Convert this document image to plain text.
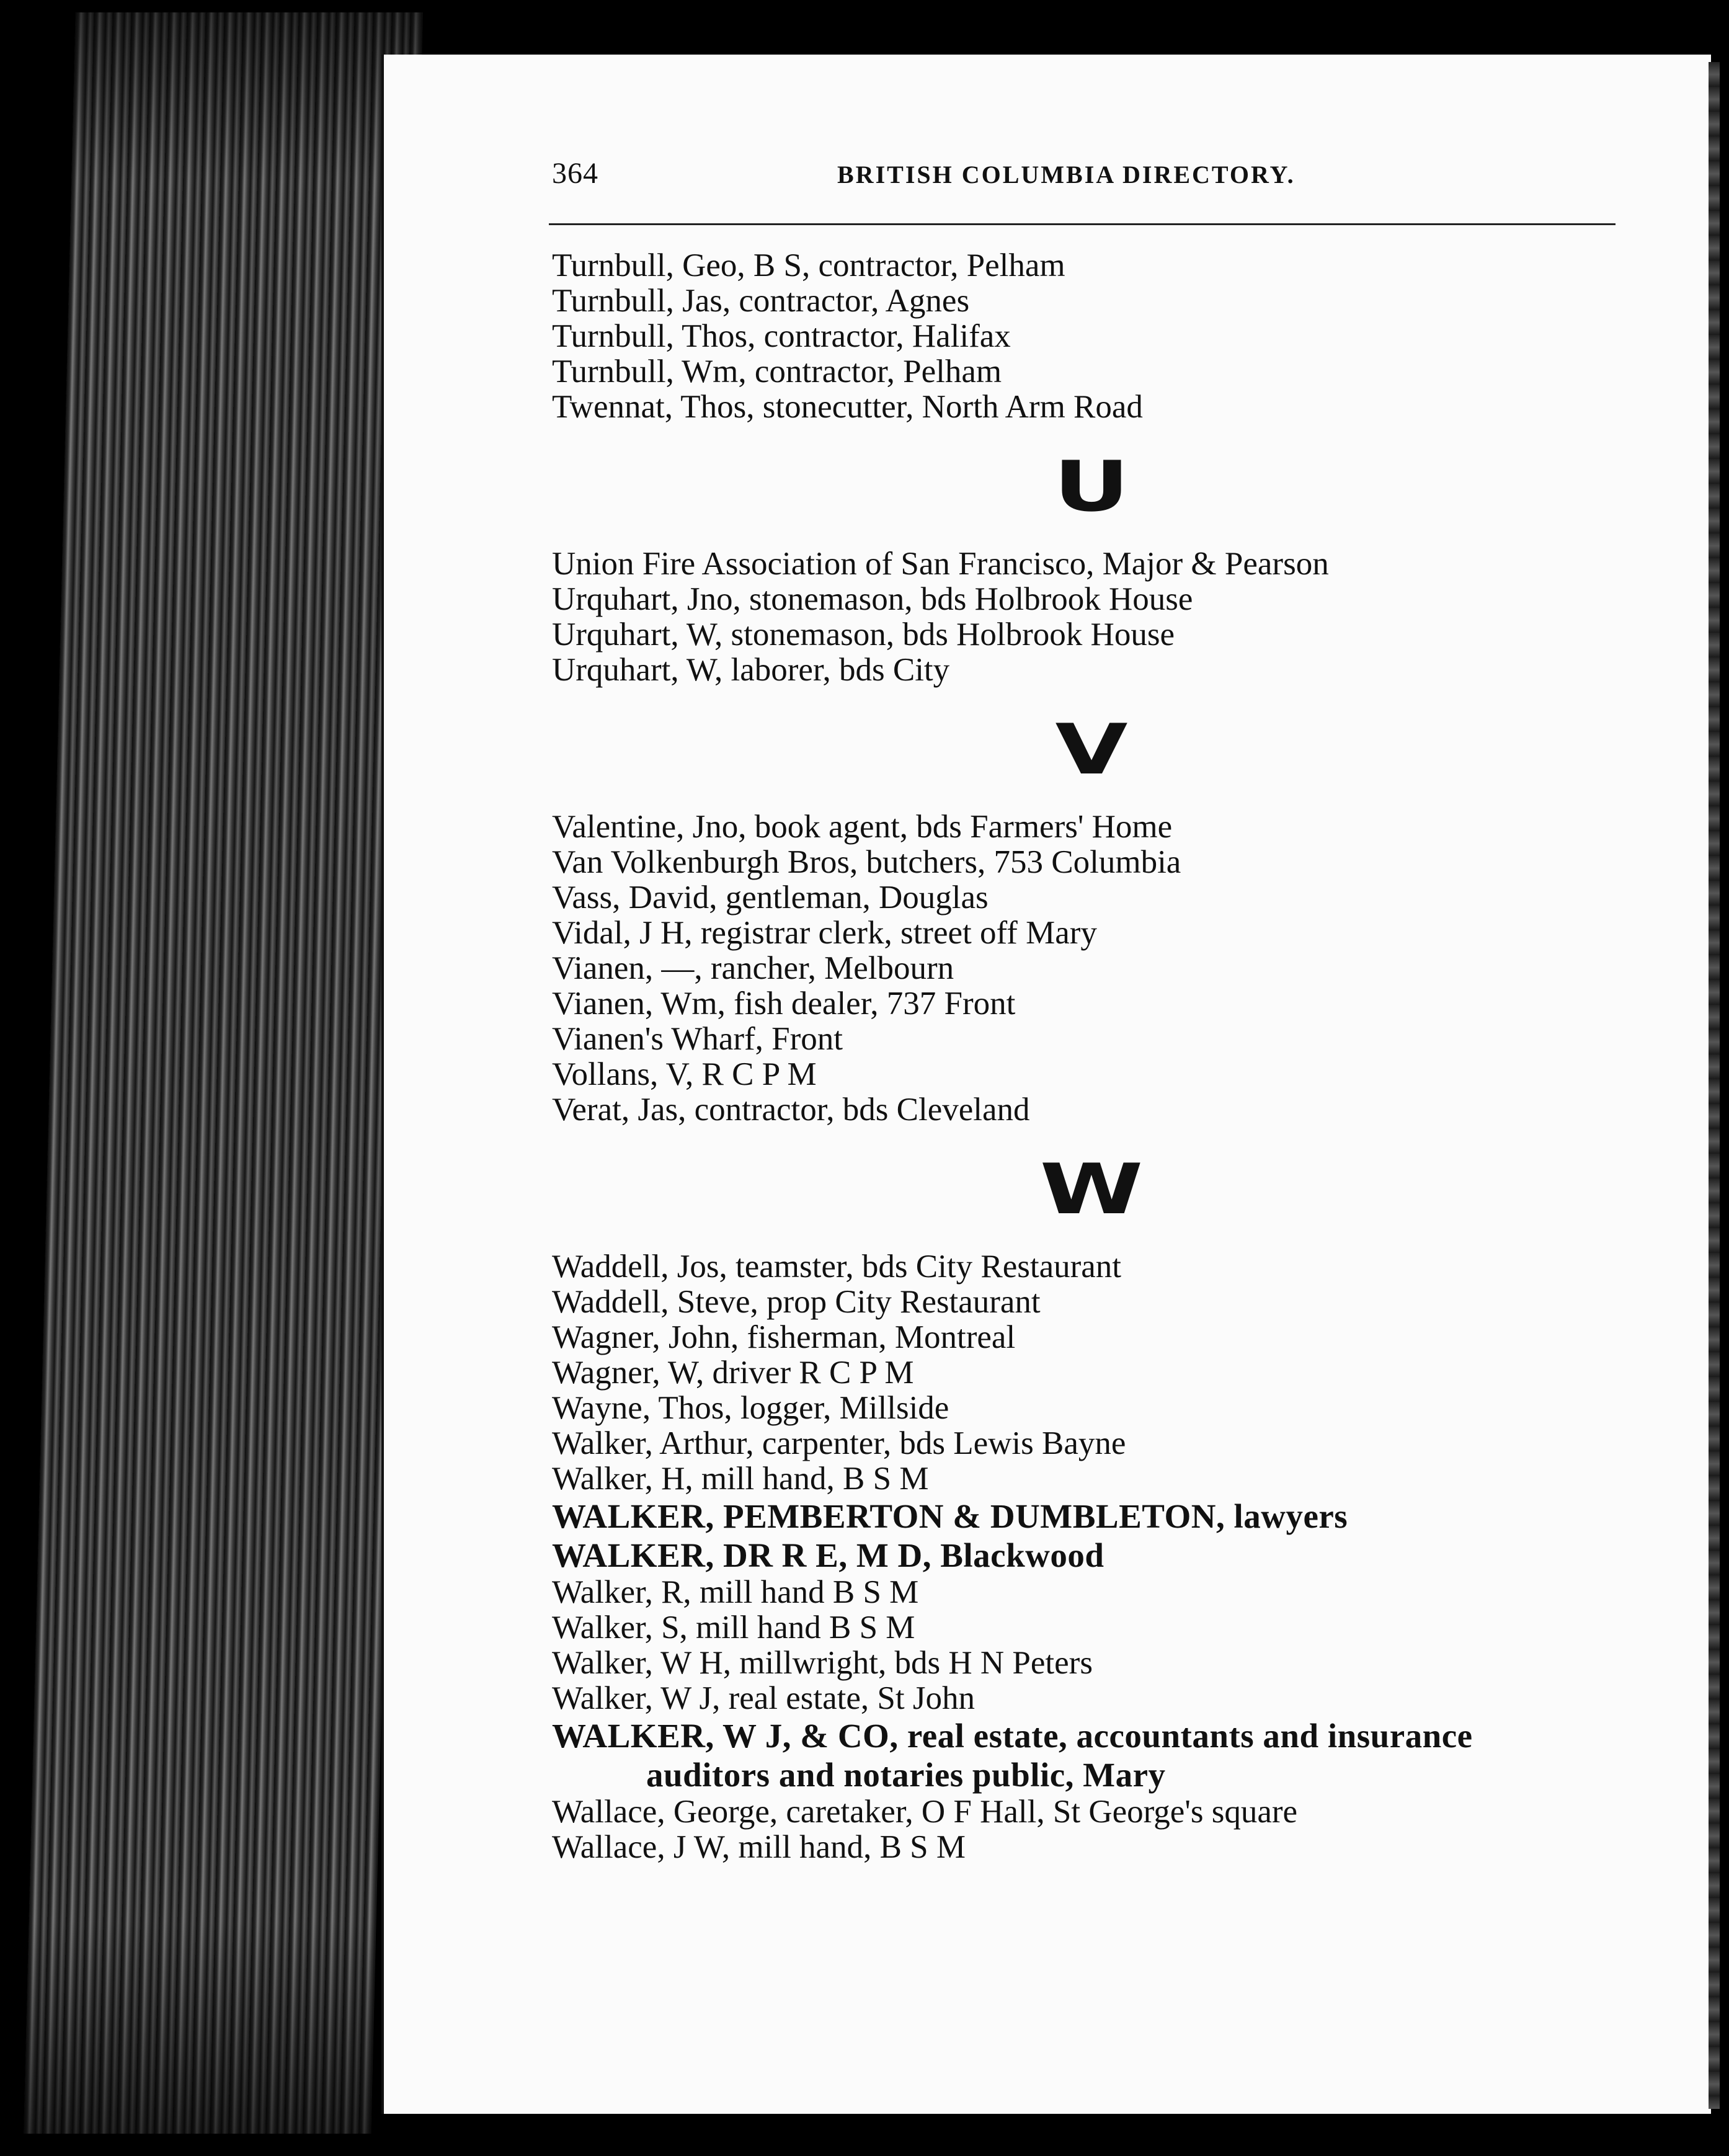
364	BRITISH COLUMBIA DIRECTORY.
Turnbull, Geo, B S, contractor, Pelham
Turnbull, Jas, contractor, Agnes
Turnbull, Thos, contractor, Halifax
Turnbull, Wm, contractor, Pelham
Twennat, Thos, stonecutter, North Arm Road
U
Union Fire Association of San Francisco, Major & Pearson
Urquhart, Jno, stonemason, bds Holbrook House
Urquhart, W, stonemason, bds Holbrook House
Urquhart, W, laborer, bds City
V
Valentine, Jno, book agent, bds Farmers' Home
Van Volkenburgh Bros, butchers, 753 Columbia
Vass, David, gentleman, Douglas
Vidal, J H, registrar clerk, street off Mary
Vianen, —, rancher, Melbourn
Vianen, Wm, fish dealer, 737 Front
Vianen's Wharf, Front
Vollans, V, R C P M
Verat, Jas, contractor, bds Cleveland
W
Waddell, Jos, teamster, bds City Restaurant
Waddell, Steve, prop City Restaurant
Wagner, John, fisherman, Montreal
Wagner, W, driver R C P M
Wayne, Thos, logger, Millside
Walker, Arthur, carpenter, bds Lewis Bayne
Walker, H, mill hand, B S M
WALKER, PEMBERTON & DUMBLETON, lawyers
WALKER, DR R E, M D, Blackwood
Walker, R, mill hand B S M
Walker, S, mill hand B S M
Walker, W H, millwright, bds H N Peters
Walker, W J, real estate, St John
WALKER, W J, & CO, real estate, accountants and insurance
auditors and notaries public, Mary
Wallace, George, caretaker, O F Hall, St George's square
Wallace, J W, mill hand, B S M
